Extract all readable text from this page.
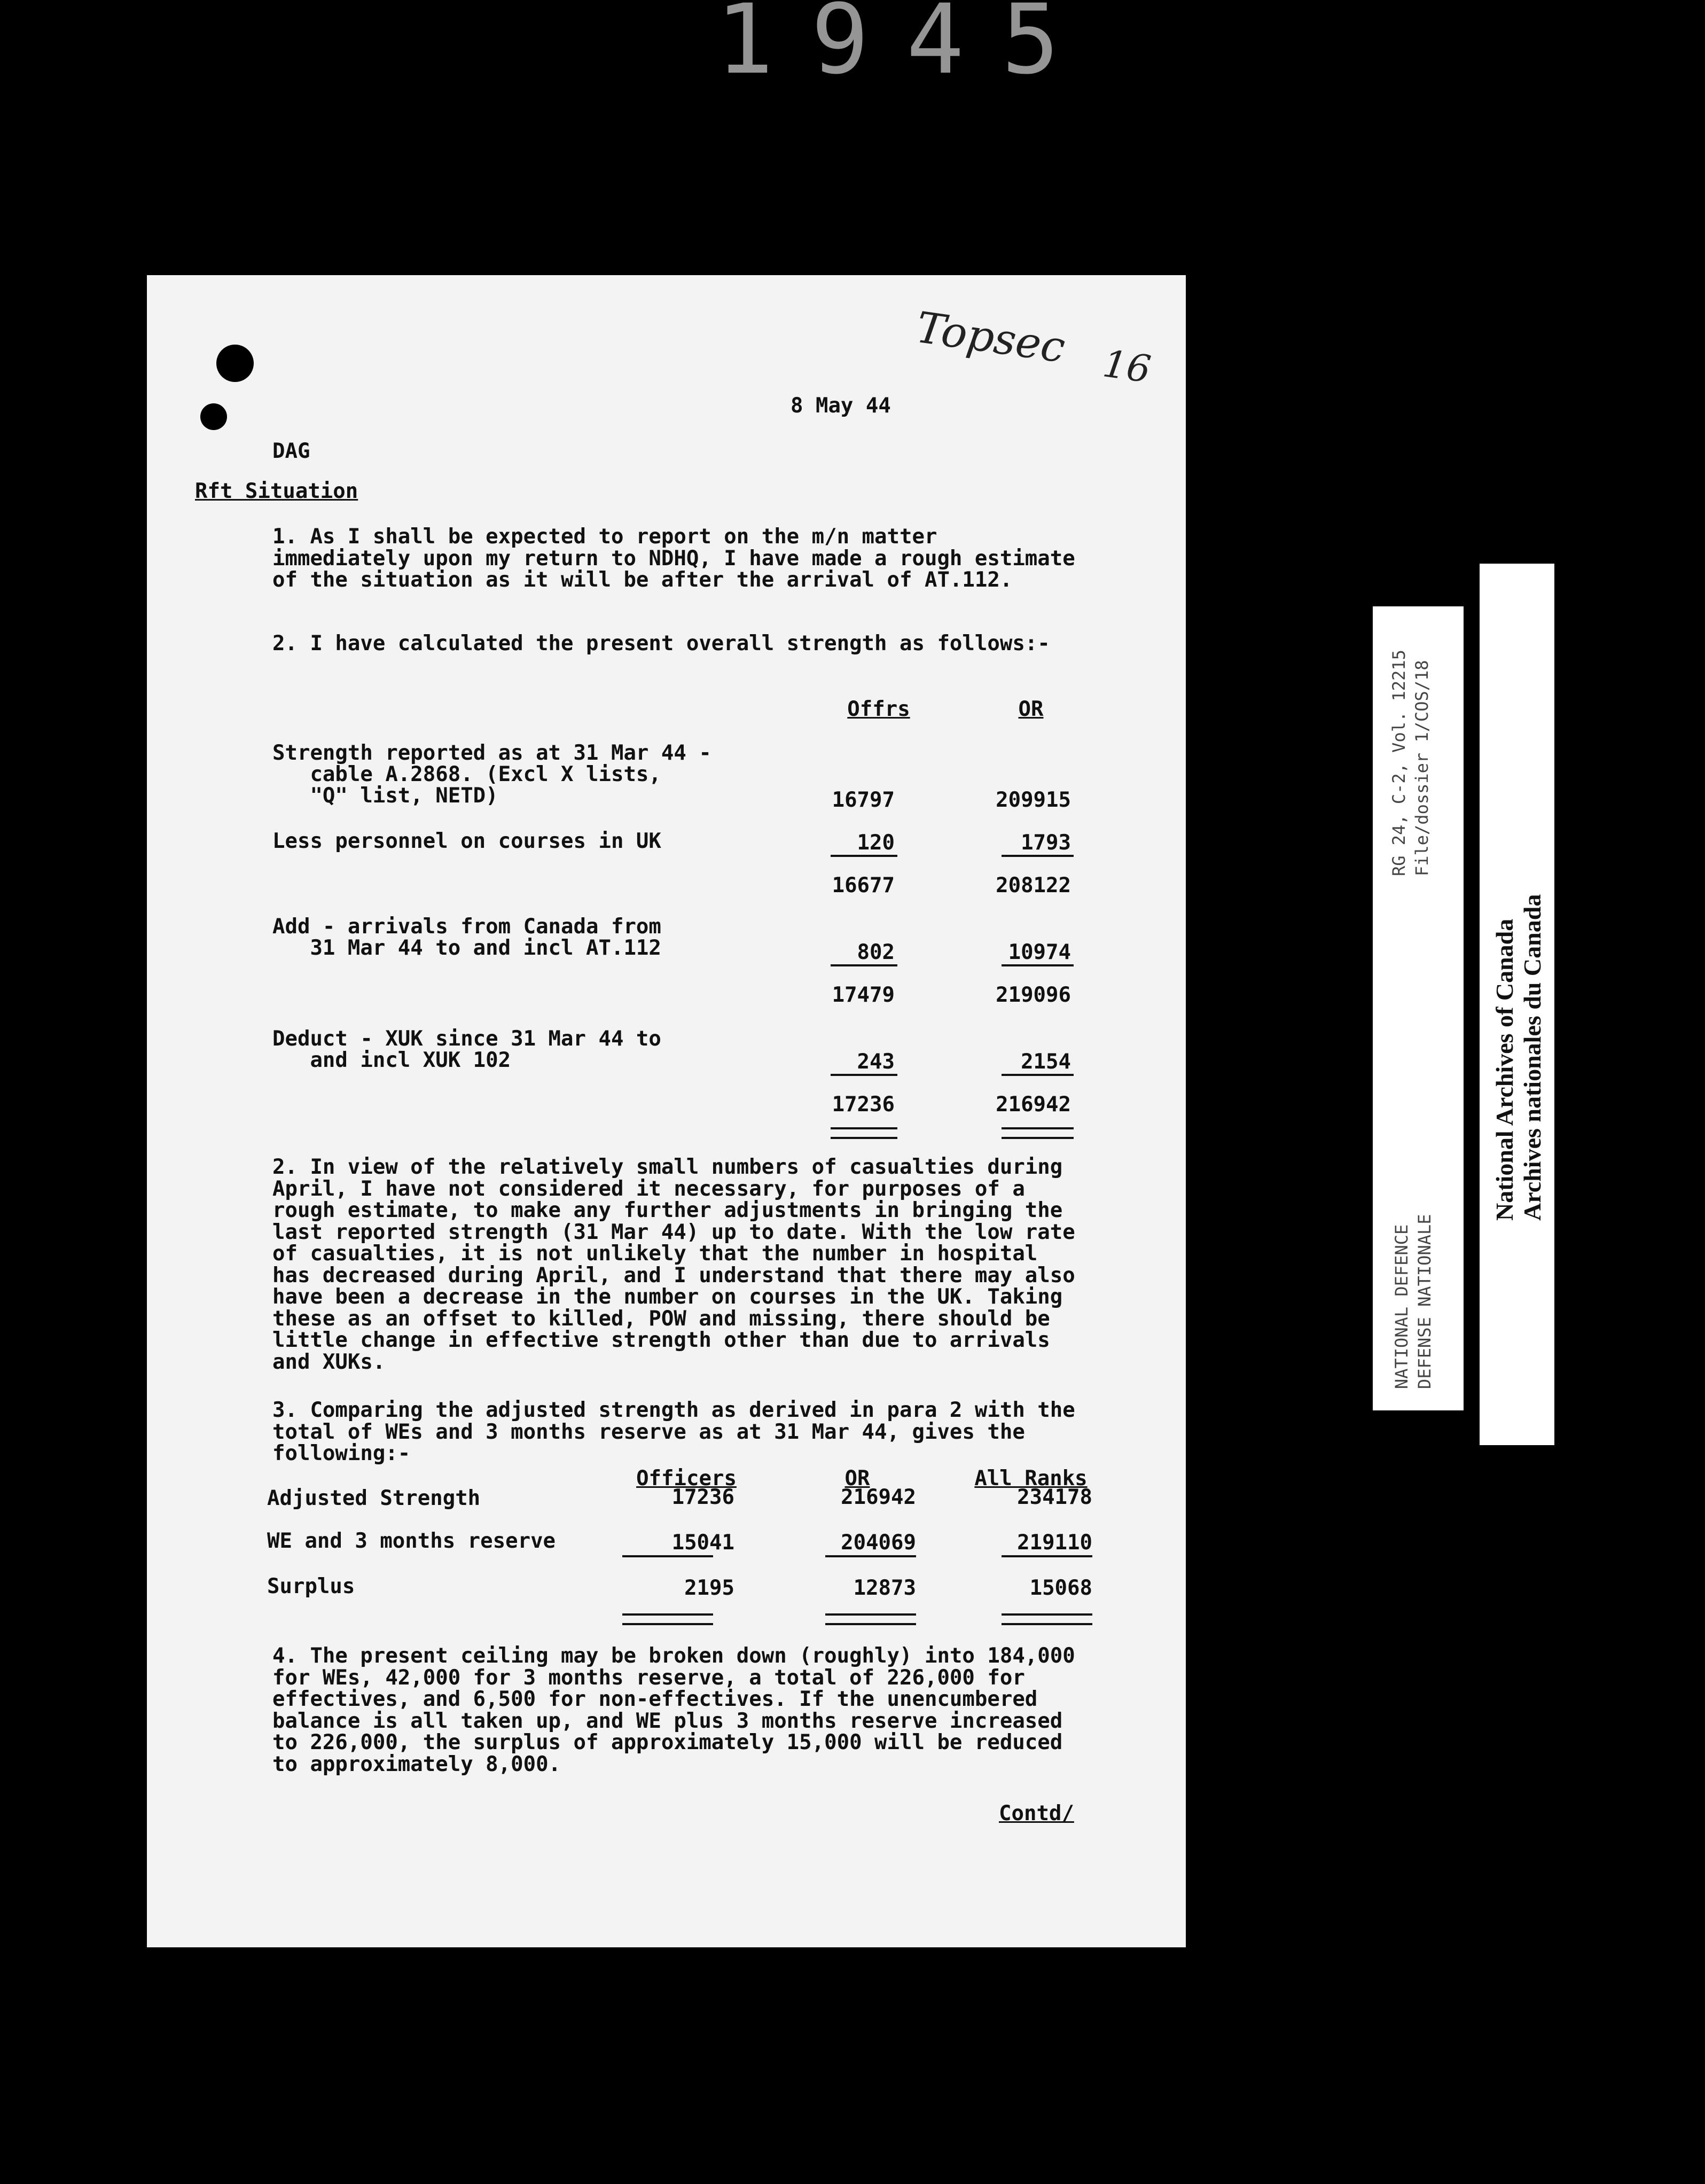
1945
Topsec 16
8 May 44
DAG
Rft Situation
1. As I shall be expected to report on the m/n matter immediately upon my return to NDHQ, I have made a rough estimate of the situation as it will be after the arrival of AT.112.
2. I have calculated the present overall strength as follows:-
Offrs	OR
Strength reported as at 31 Mar 44 -
cable A.2868. (Excl X lists,
"Q" list, NETD)	16797	209915
Less personnel on courses in UK	120	1793
16677	208122
Add - arrivals from Canada from
31 Mar 44 to and incl AT.112	802	10974
17479	219096
Deduct - XUK since 31 Mar 44 to
and incl XUK 102	243	2154
17236	216942
2. In view of the relatively small numbers of casualties during April, I have not considered it necessary, for purposes of a rough estimate, to make any further adjustments in bringing the last reported strength (31 Mar 44) up to date. With the low rate of casualties, it is not unlikely that the number in hospital has decreased during April, and I understand that there may also have been a decrease in the number on courses in the UK. Taking these as an offset to killed, POW and missing, there should be little change in effective strength other than due to arrivals and XUKs.
3. Comparing the adjusted strength as derived in para 2 with the total of WEs and 3 months reserve as at 31 Mar 44, gives the following:-
Officers	OR	All Ranks
Adjusted Strength	17236	216942	234178
WE and 3 months reserve	15041	204069	219110
Surplus	2195	12873	15068
4. The present ceiling may be broken down (roughly) into 184,000 for WEs, 42,000 for 3 months reserve, a total of 226,000 for effectives, and 6,500 for non-effectives. If the unencumbered balance is all taken up, and WE plus 3 months reserve increased to 226,000, the surplus of approximately 15,000 will be reduced to approximately 8,000.
Contd/
NATIONAL DEFENCE DEFENSE NATIONALE
RG 24, C-2, Vol. 12215 File/dossier 1/COS/18
National Archives of Canada Archives nationales du Canada
